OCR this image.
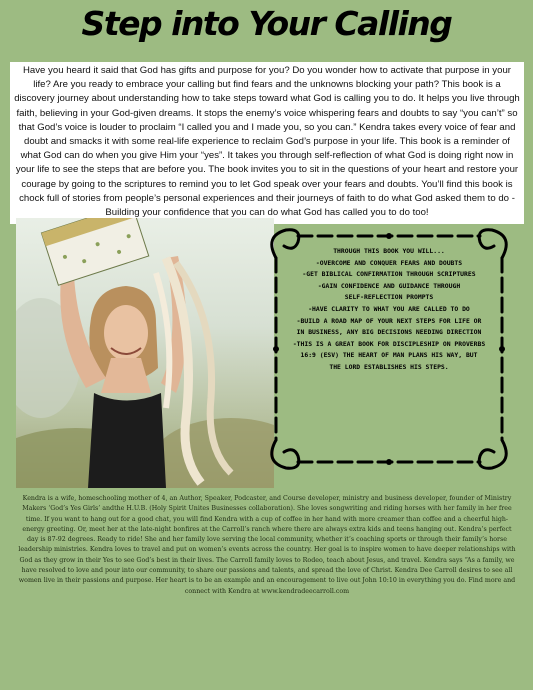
Step into Your Calling
Have you heard it said that God has gifts and purpose for you? Do you wonder how to activate that purpose in your life? Are you ready to embrace your calling but find fears and the unknowns blocking your path? This book is a discovery journey about understanding how to take steps toward what God is calling you to do. It helps you live through faith, believing in your God-given dreams. It stops the enemy’s voice whispering fears and doubts to say “you can’t” so that God’s voice is louder to proclaim “I called you and I made you, so you can.” Kendra takes every voice of fear and doubt and smacks it with some real-life experience to reclaim God’s purpose in your life. This book is a reminder of what God can do when you give Him your “yes”. It takes you through self-reflection of what God is doing right now in your life to see the steps that are before you. The book invites you to sit in the questions of your heart and restore your courage by going to the scriptures to remind you to let God speak over your fears and doubts. You’ll find this book is chock full of stories from people’s personal experiences and their journeys of faith to do what God asked them to do -Building your confidence that you can do what God has called you to do too!
THROUGH THIS BOOK YOU WILL...
-OVERCOME AND CONQUER FEARS AND DOUBTS
-GET BIBLICAL CONFIRMATION THROUGH SCRIPTURES
-GAIN CONFIDENCE AND GUIDANCE THROUGH
SELF-REFLECTION PROMPTS
-HAVE CLARITY TO WHAT YOU ARE CALLED TO DO
-BUILD A ROAD MAP OF YOUR NEXT STEPS FOR LIFE OR
IN BUSINESS, ANY BIG DECISIONS NEEDING DIRECTION
-THIS IS A GREAT BOOK FOR DISCIPLESHIP ON PROVERBS
16:9 (ESV) THE HEART OF MAN PLANS HIS WAY, BUT
THE LORD ESTABLISHES HIS STEPS.
Kendra is a wife, homeschooling mother of 4, an Author, Speaker, Podcaster, and Course developer, ministry and business developer, founder of Ministry Makers ‘God’s Yes Girls’ andthe H.U.B. (Holy Spirit Unites Businesses collaboration). She loves songwriting and riding horses with her family in her free time. If you want to hang out for a good chat, you will find Kendra with a cup of coffee in her hand with more creamer than coffee and a cheerful high-energy greeting. Or, meet her at the late-night bonfires at the Carroll’s ranch where there are always extra kids and teens hanging out. Kendra’s perfect day is 87-92 degrees. Ready to ride! She and her family love serving the local community, whether it’s coaching sports or through their family’s horse leadership ministries. Kendra loves to travel and put on women’s events across the country. Her goal is to inspire women to have deeper relationships with God as they grow in their Yes to see God’s best in their lives. The Carroll family loves to Rodeo, teach about Jesus, and travel. Kendra says “As a family, we have resolved to love and pour into our community, to share our passions and talents, and spread the love of Christ. Kendra Dee Carroll desires to see all women live in their passions and purpose. Her heart is to be an example and an encouragement to live out John 10:10 in everything you do. Find more and connect with Kendra at www.kendradeecarroll.com
